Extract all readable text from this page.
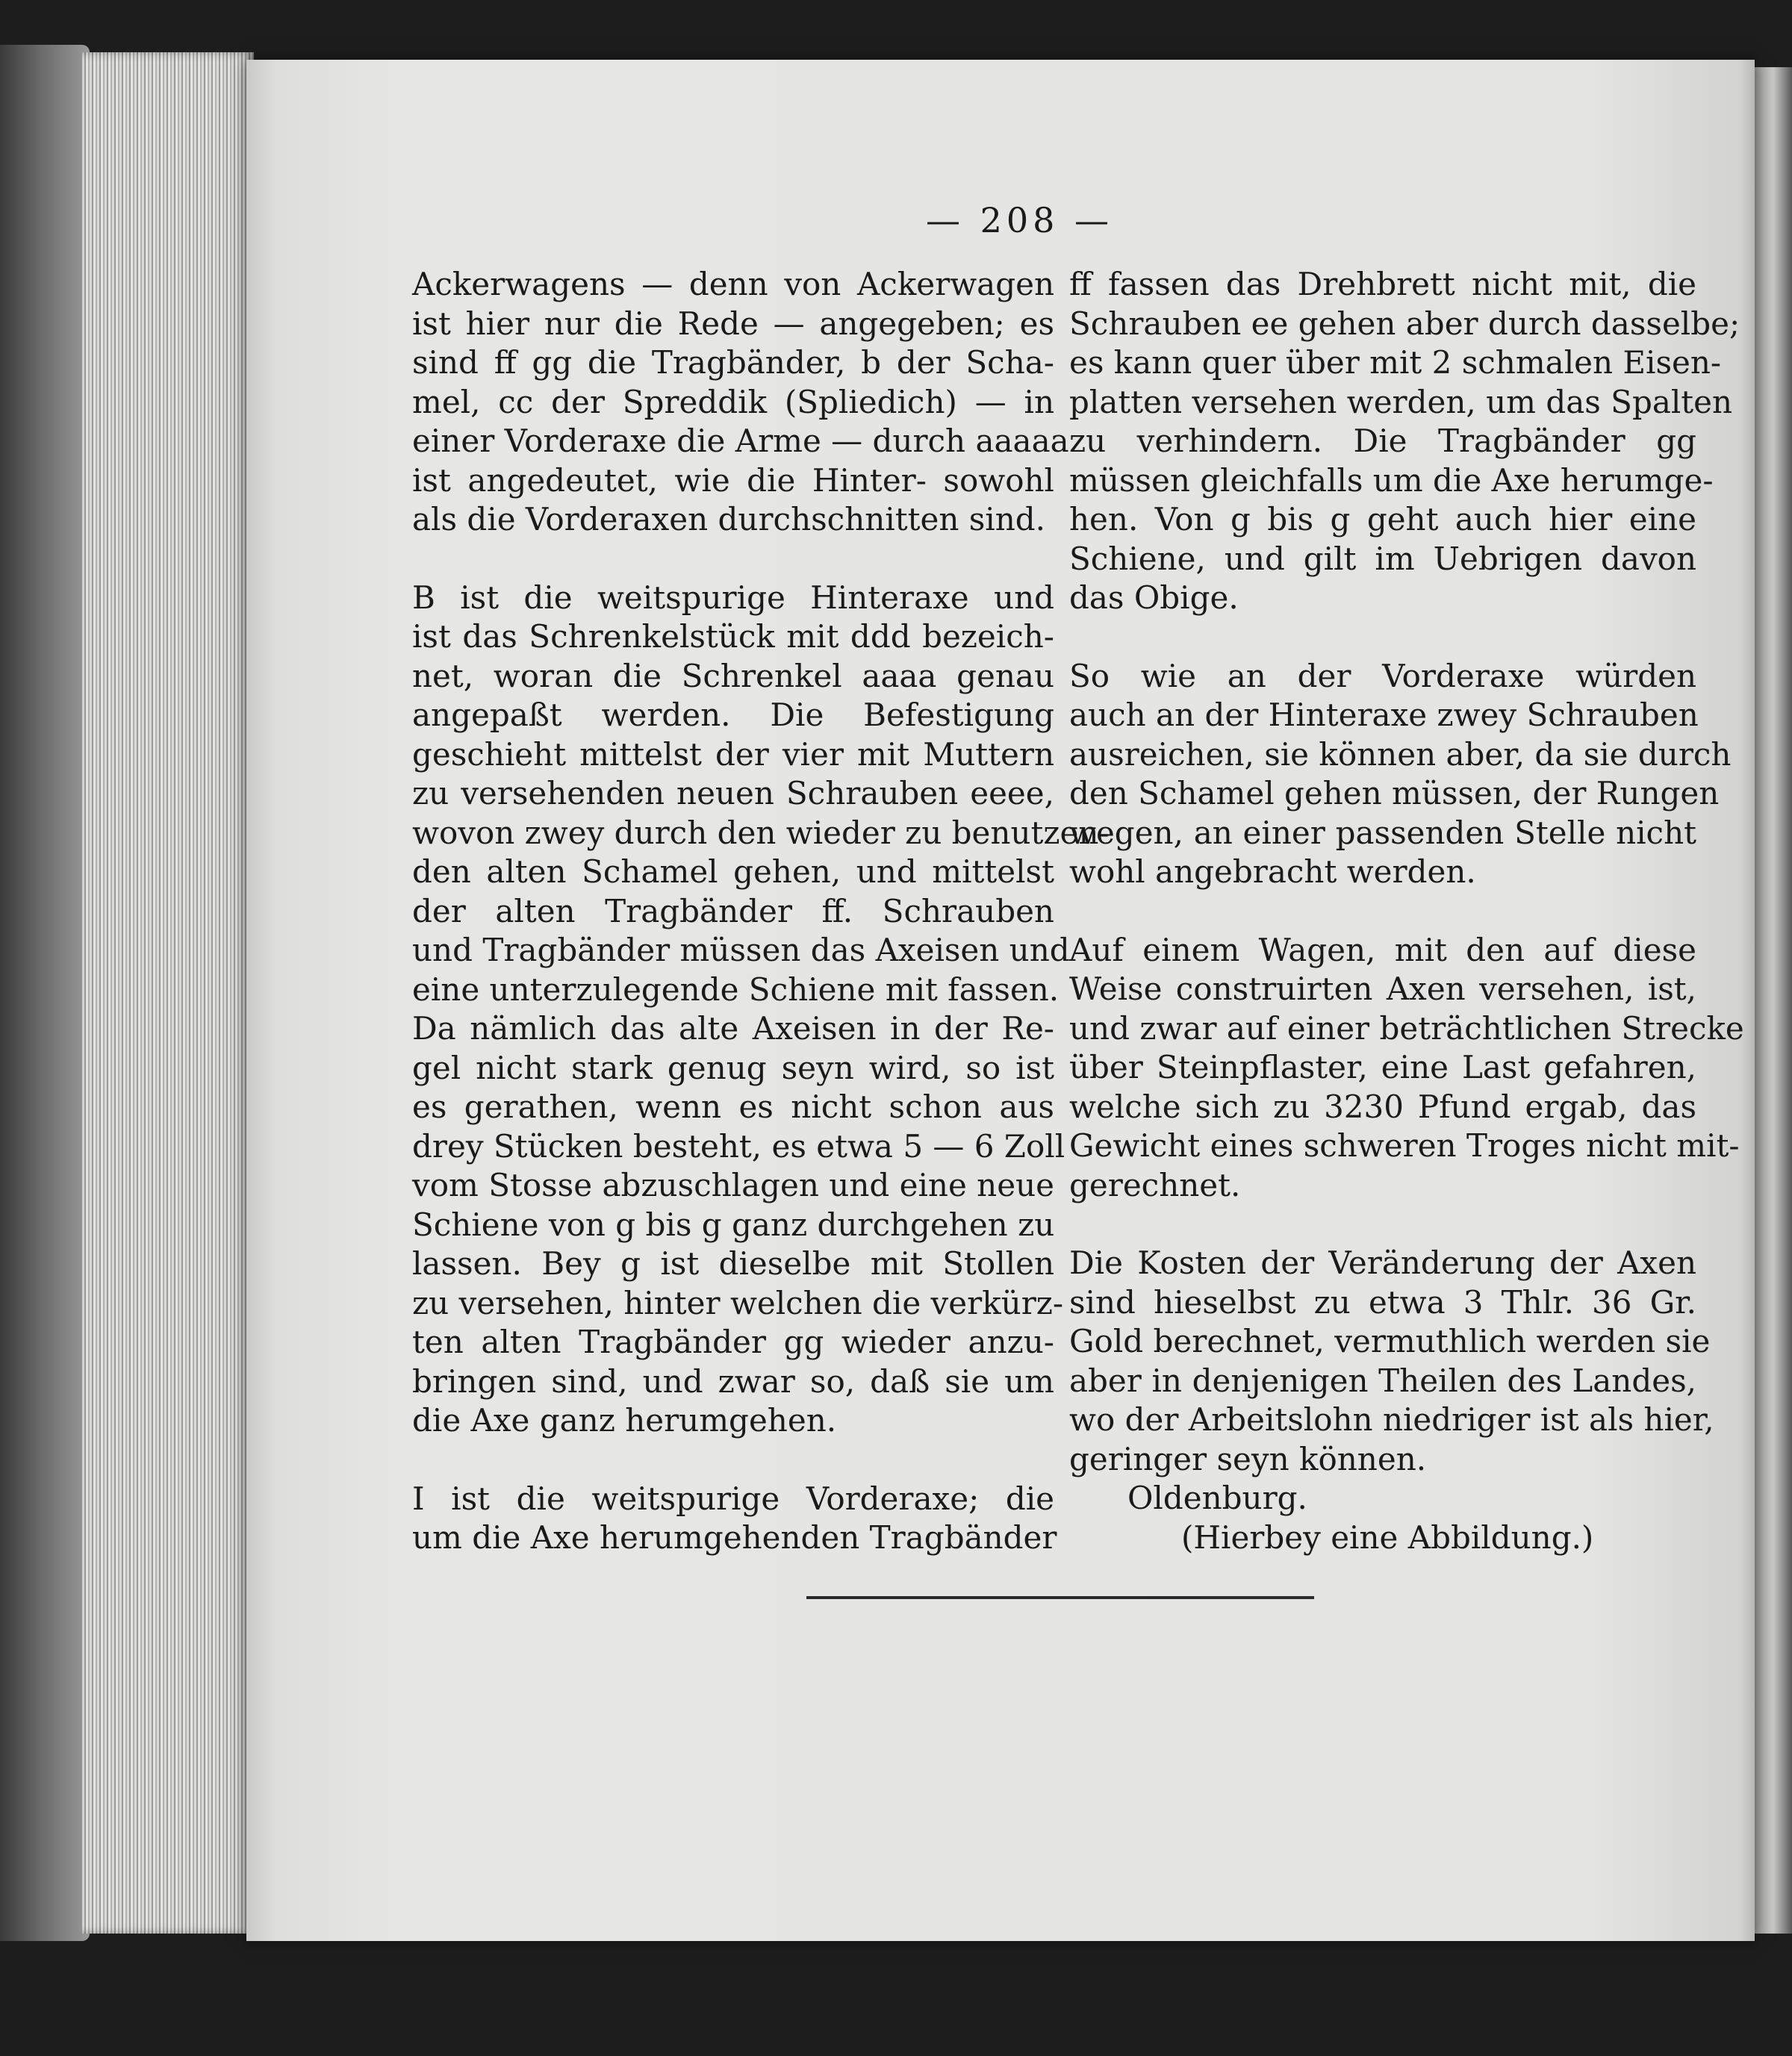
— 208 —

Ackerwagens — denn von Ackerwagen

ist hier nur die Rede — angegeben; es

sind ff gg die Tragbänder, b der Scha-

mel, cc der Spreddik (Spliedich) — in

einer Vorderaxe die Arme — durch aaaaa

ist angedeutet, wie die Hinter- sowohl

als die Vorderaxen durchschnitten sind.

B ist die weitspurige Hinteraxe und

ist das Schrenkelstück mit ddd bezeich-

net, woran die Schrenkel aaaa genau

angepaßt werden. Die Befestigung

geschieht mittelst der vier mit Muttern

zu versehenden neuen Schrauben eeee,

wovon zwey durch den wieder zu benutzen-

den alten Schamel gehen, und mittelst

der alten Tragbänder ff. Schrauben

und Tragbänder müssen das Axeisen und

eine unterzulegende Schiene mit fassen.

Da nämlich das alte Axeisen in der Re-

gel nicht stark genug seyn wird, so ist

es gerathen, wenn es nicht schon aus

drey Stücken besteht, es etwa 5 — 6 Zoll

vom Stosse abzuschlagen und eine neue

Schiene von g bis g ganz durchgehen zu

lassen. Bey g ist dieselbe mit Stollen

zu versehen, hinter welchen die verkürz-

ten alten Tragbänder gg wieder anzu-

bringen sind, und zwar so, daß sie um

die Axe ganz herumgehen.

I ist die weitspurige Vorderaxe; die

um die Axe herumgehenden Tragbänder

ff fassen das Drehbrett nicht mit, die

Schrauben ee gehen aber durch dasselbe;

es kann quer über mit 2 schmalen Eisen-

platten versehen werden, um das Spalten

zu verhindern. Die Tragbänder gg

müssen gleichfalls um die Axe herumge-

hen. Von g bis g geht auch hier eine

Schiene, und gilt im Uebrigen davon

das Obige.

So wie an der Vorderaxe würden

auch an der Hinteraxe zwey Schrauben

ausreichen, sie können aber, da sie durch

den Schamel gehen müssen, der Rungen

wegen, an einer passenden Stelle nicht

wohl angebracht werden.

Auf einem Wagen, mit den auf diese

Weise construirten Axen versehen, ist,

und zwar auf einer beträchtlichen Strecke

über Steinpflaster, eine Last gefahren,

welche sich zu 3230 Pfund ergab, das

Gewicht eines schweren Troges nicht mit-

gerechnet.

Die Kosten der Veränderung der Axen

sind hieselbst zu etwa 3 Thlr. 36 Gr.

Gold berechnet, vermuthlich werden sie

aber in denjenigen Theilen des Landes,

wo der Arbeitslohn niedriger ist als hier,

geringer seyn können.

Oldenburg.

(Hierbey eine Abbildung.)
